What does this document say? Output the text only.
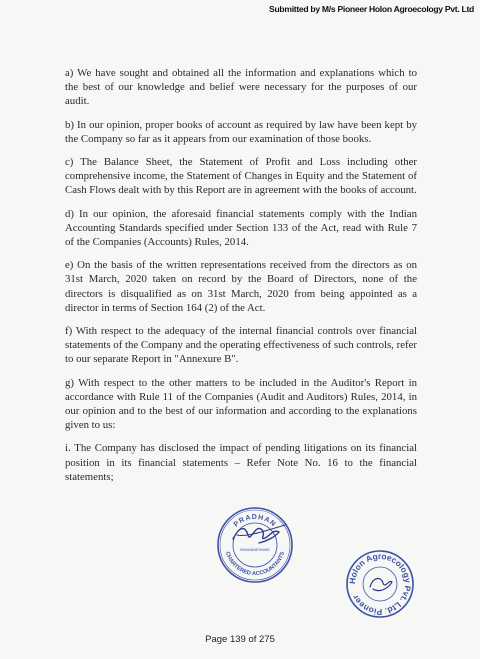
Submitted by M/s Pioneer Holon Agroecology Pvt. Ltd

a) We have sought and obtained all the information and explanations which to the best of our knowledge and belief were necessary for the purposes of our audit.

b) In our opinion, proper books of account as required by law have been kept by the Company so far as it appears from our examination of those books.

c) The Balance Sheet, the Statement of Profit and Loss including other comprehensive income, the Statement of Changes in Equity and the Statement of Cash Flows dealt with by this Report are in agreement with the books of account.

d) In our opinion, the aforesaid financial statements comply with the Indian Accounting Standards specified under Section 133 of the Act, read with Rule 7 of the Companies (Accounts) Rules, 2014.

e) On the basis of the written representations received from the directors as on 31st March, 2020 taken on record by the Board of Directors, none of the directors is disqualified as on 31st March, 2020 from being appointed as a director in terms of Section 164 (2) of the Act.

f) With respect to the adequacy of the internal financial controls over financial statements of the Company and the operating effectiveness of such controls, refer to our separate Report in "Annexure B".

g) With respect to the other matters to be included in the Auditor's Report in accordance with Rule 11 of the Companies (Audit and Auditors) Rules, 2014, in our opinion and to the best of our information and according to the explanations given to us:

i. The Company has disclosed the impact of pending litigations on its financial position in its financial statements – Refer Note No. 16 to the financial statements;

PRADHAN
CHARTERED ACCOUNTANTS
BHUBANESWAR
Holon Agroecology Pvt. Ltd. Pioneer
Page 139 of 275
